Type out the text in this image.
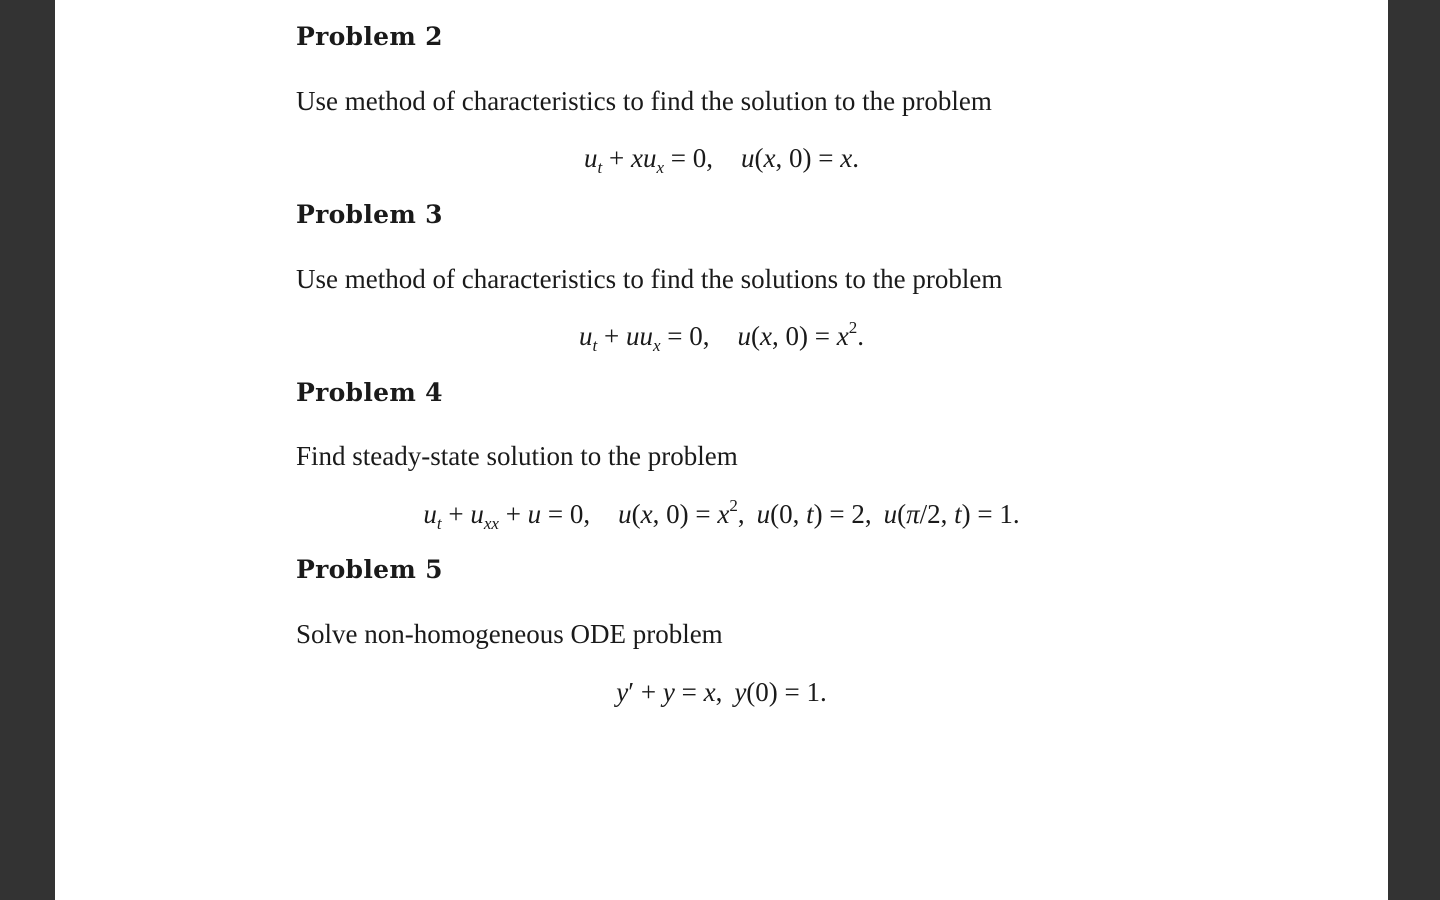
Problem 2
Use method of characteristics to find the solution to the problem
$u_t + xu_x = 0$, u(x, 0) = x.
Problem 3
Use method of characteristics to find the solutions to the problem
$u_t + uu_x = 0$, u(x, $0) = x^2$.
Problem 4
Find steady-state solution to the problem
$u_t + u_{xx} + u = 0$, u(x, $0) = x^2$, u(0, t) = 2, u(π/2, t) = 1.
Problem 5
Solve non-homogeneous ODE problem
y′ + y = x, y(0) = 1.
